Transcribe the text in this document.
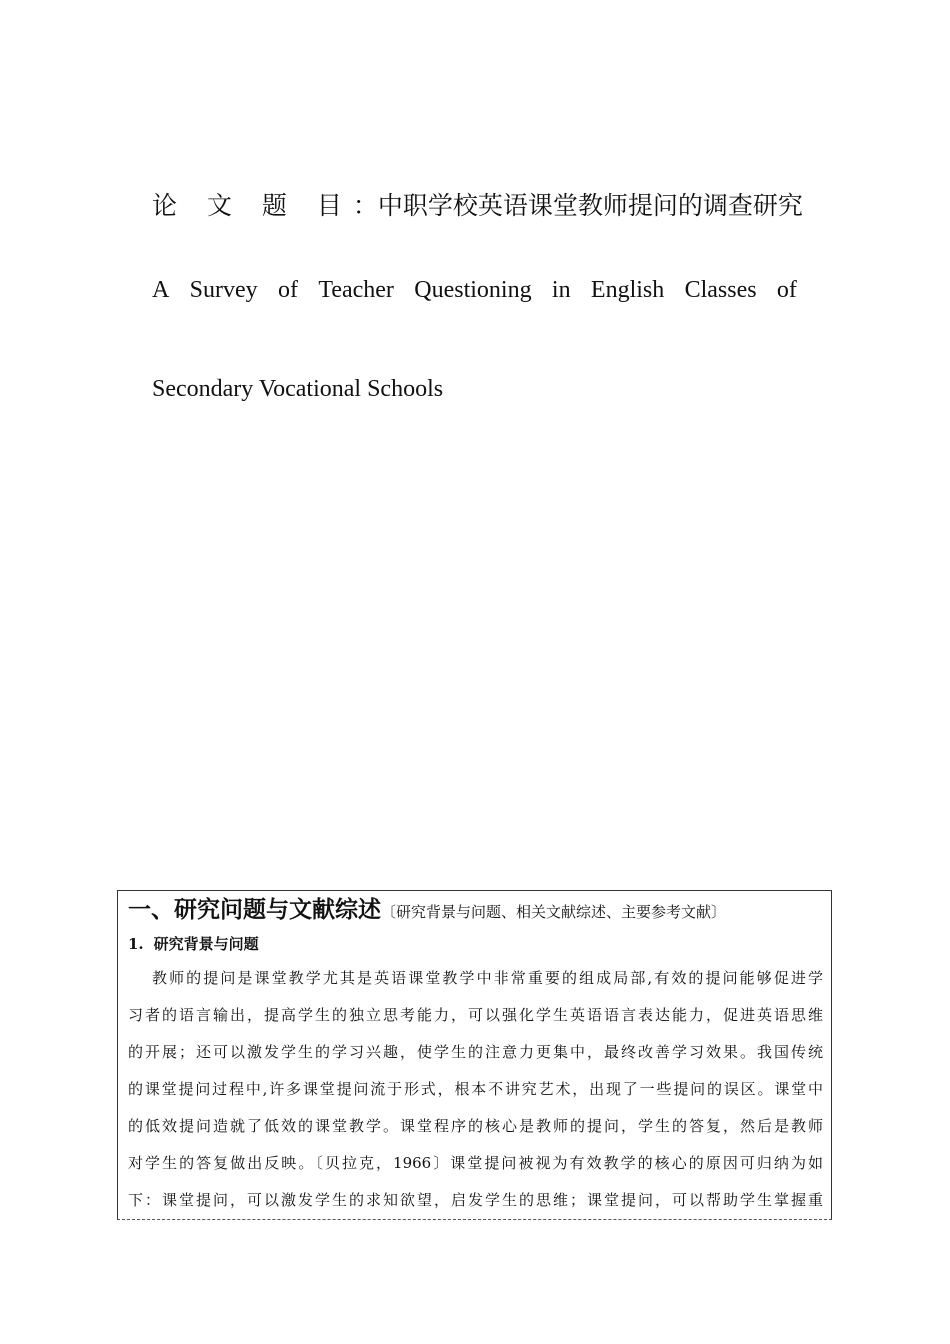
论 文 题 目：中职学校英语课堂教师提问的调查研究
A Survey of Teacher Questioning in English Classes of
Secondary Vocational Schools
一、研究问题与文献综述〔研究背景与问题、相关文献综述、主要参考文献〕
1. 研究背景与问题
教师的提问是课堂教学尤其是英语课堂教学中非常重要的组成局部,有效的提问能够促进学
习者的语言输出，提高学生的独立思考能力，可以强化学生英语语言表达能力，促进英语思维
的开展；还可以激发学生的学习兴趣，使学生的注意力更集中，最终改善学习效果。我国传统
的课堂提问过程中,许多课堂提问流于形式，根本不讲究艺术，出现了一些提问的误区。课堂中
的低效提问造就了低效的课堂教学。课堂程序的核心是教师的提问，学生的答复，然后是教师
对学生的答复做出反映。〔贝拉克，1966〕课堂提问被视为有效教学的核心的原因可归纳为如
下：课堂提问，可以激发学生的求知欲望，启发学生的思维；课堂提问，可以帮助学生掌握重
